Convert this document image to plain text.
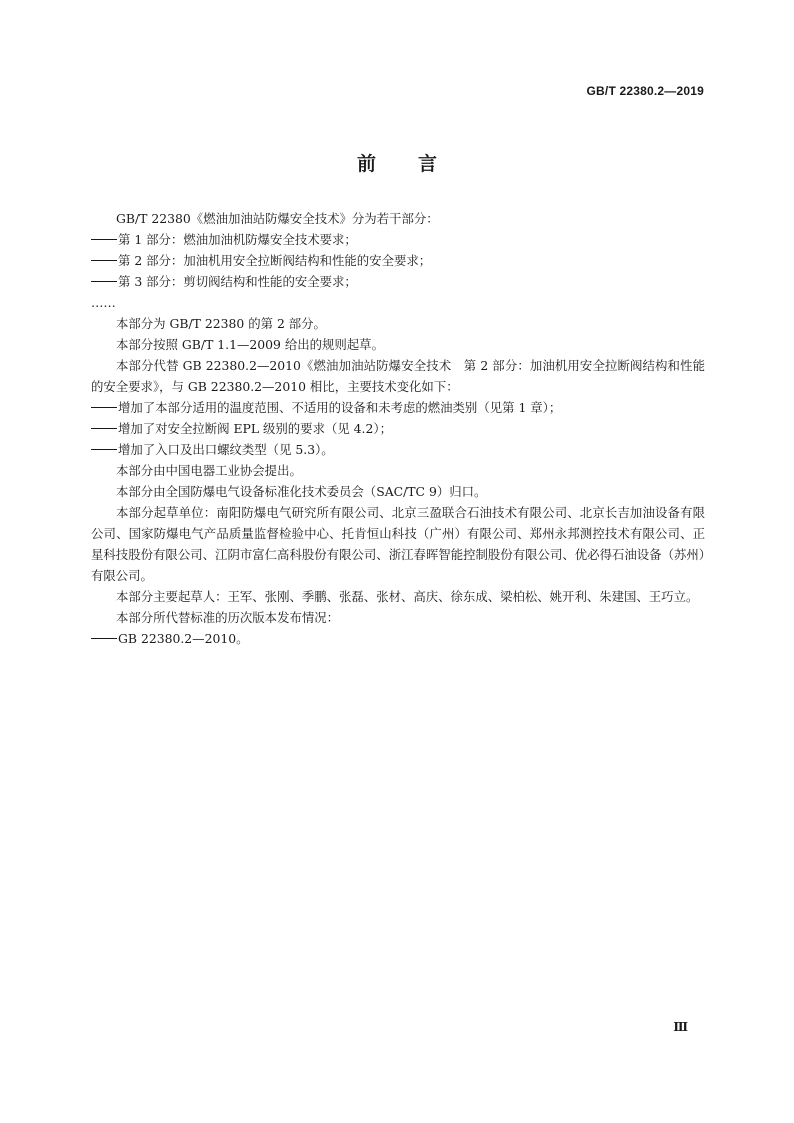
GB/T 22380.2—2019
前言

GB/T 22380《燃油加油站防爆安全技术》分为若干部分：

第 1 部分：燃油加油机防爆安全技术要求；

第 2 部分：加油机用安全拉断阀结构和性能的安全要求；

第 3 部分：剪切阀结构和性能的安全要求；

……

本部分为 GB/T 22380 的第 2 部分。

本部分按照 GB/T 1.1—2009 给出的规则起草。

本部分代替 GB 22380.2—2010《燃油加油站防爆安全技术　第 2 部分：加油机用安全拉断阀结构和性能的安全要求》，与 GB 22380.2—2010 相比，主要技术变化如下：

增加了本部分适用的温度范围、不适用的设备和未考虑的燃油类别（见第 1 章）；

增加了对安全拉断阀 EPL 级别的要求（见 4.2）；

增加了入口及出口螺纹类型（见 5.3）。

本部分由中国电器工业协会提出。

本部分由全国防爆电气设备标准化技术委员会（SAC/TC 9）归口。

本部分起草单位：南阳防爆电气研究所有限公司、北京三盈联合石油技术有限公司、北京长吉加油设备有限公司、国家防爆电气产品质量监督检验中心、托肯恒山科技（广州）有限公司、郑州永邦测控技术有限公司、正星科技股份有限公司、江阴市富仁高科股份有限公司、浙江春晖智能控制股份有限公司、优必得石油设备（苏州）有限公司。

本部分主要起草人：王军、张刚、季鹏、张磊、张材、高庆、徐东成、梁柏松、姚开利、朱建国、王巧立。

本部分所代替标准的历次版本发布情况：

GB 22380.2—2010。

Ⅲ
